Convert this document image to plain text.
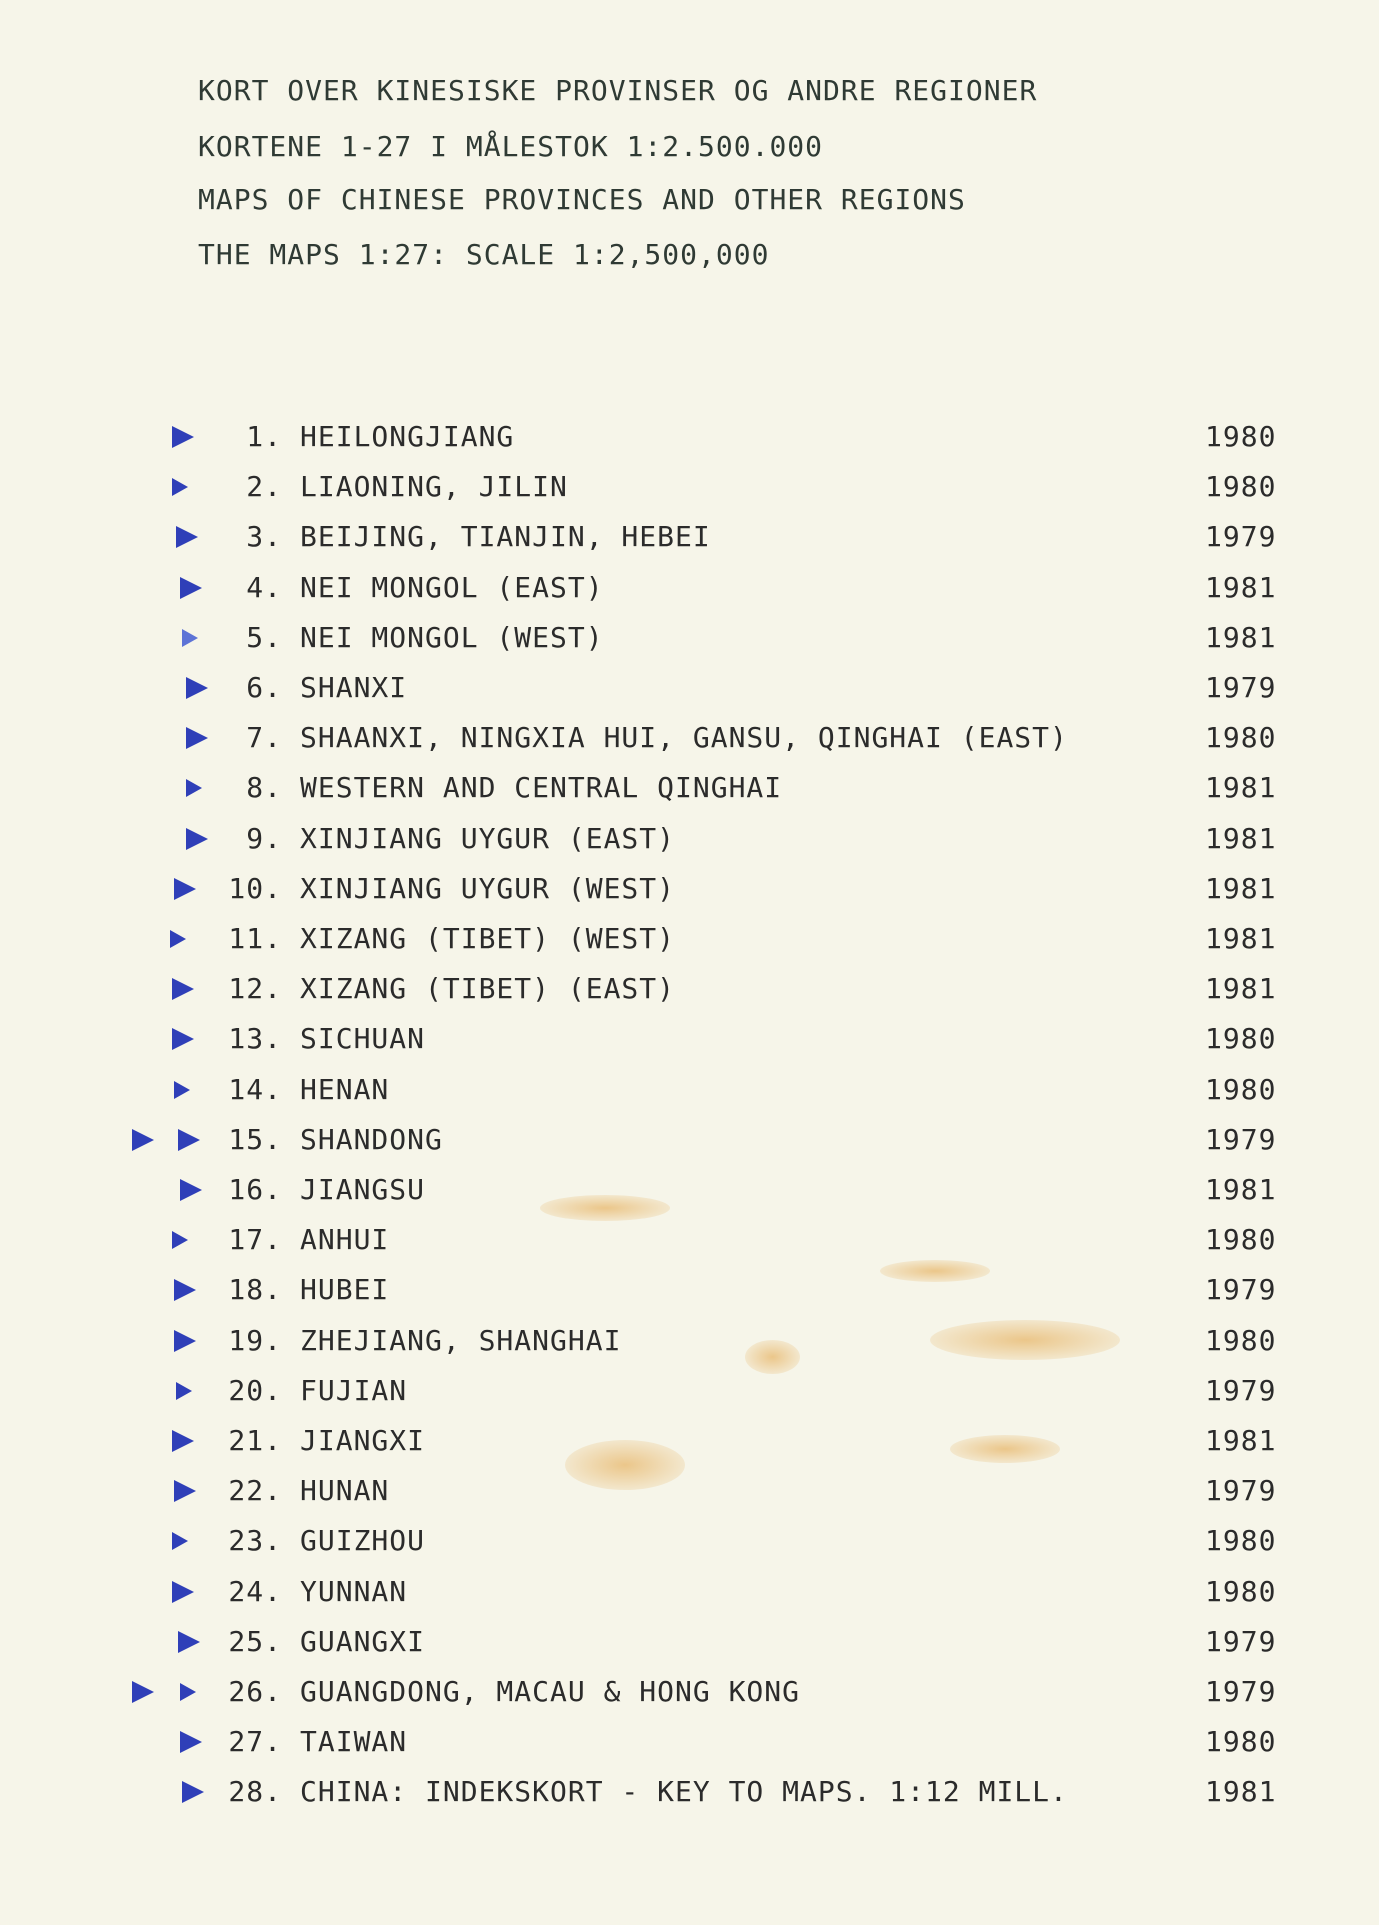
KORT OVER KINESISKE PROVINSER OG ANDRE REGIONER
KORTENE 1-27 I MÅLESTOK 1:2.500.000
MAPS OF CHINESE PROVINCES AND OTHER REGIONS
THE MAPS 1:27: SCALE 1:2,500,000
1. HEILONGJIANG	1980
2. LIAONING, JILIN	1980
3. BEIJING, TIANJIN, HEBEI	1979
4. NEI MONGOL (EAST)	1981
5. NEI MONGOL (WEST)	1981
6. SHANXI	1979
7. SHAANXI, NINGXIA HUI, GANSU, QINGHAI (EAST)	1980
8. WESTERN AND CENTRAL QINGHAI	1981
9. XINJIANG UYGUR (EAST)	1981
10. XINJIANG UYGUR (WEST)	1981
11. XIZANG (TIBET) (WEST)	1981
12. XIZANG (TIBET) (EAST)	1981
13. SICHUAN	1980
14. HENAN	1980
15. SHANDONG	1979
16. JIANGSU	1981
17. ANHUI	1980
18. HUBEI	1979
19. ZHEJIANG, SHANGHAI	1980
20. FUJIAN	1979
21. JIANGXI	1981
22. HUNAN	1979
23. GUIZHOU	1980
24. YUNNAN	1980
25. GUANGXI	1979
26. GUANGDONG, MACAU & HONG KONG	1979
27. TAIWAN	1980
28. CHINA: INDEKSKORT - KEY TO MAPS. 1:12 MILL.	1981
